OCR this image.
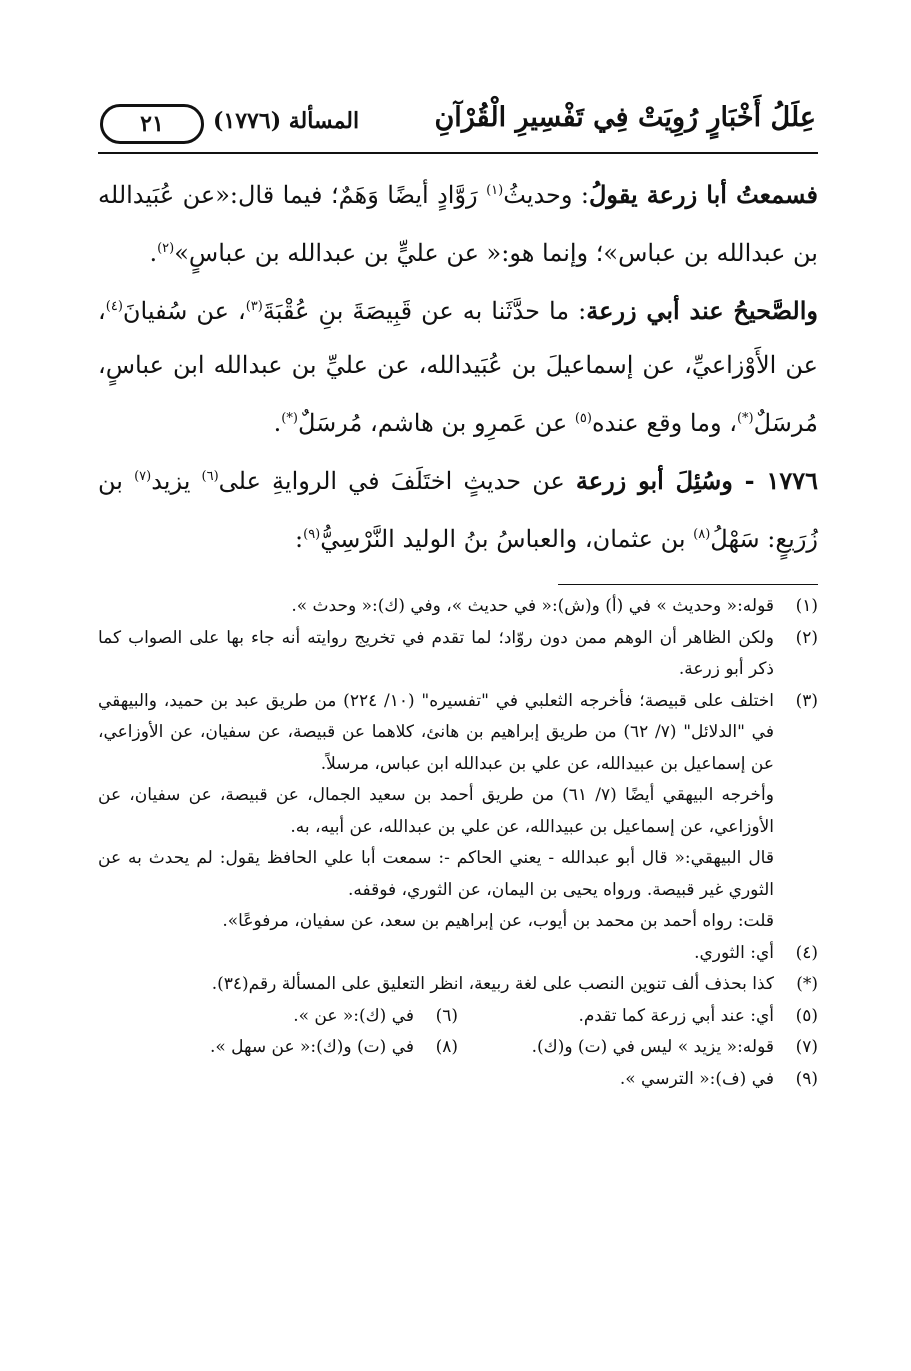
عِلَلُ أَخْبَارٍ رُوِيَتْ فِي تَفْسِيرِ الْقُرْآنِ
المسألة (١٧٧٦)
٢١

فسمعتُ أبا زرعة يقولُ: وحديثُ$^{(١)}$ رَوَّادٍ أيضًا وَهَمٌ؛ فيما قال:«عن عُبَيدالله بن عبدالله بن عباس»؛ وإنما هو:« عن عليٍّ بن عبدالله بن عباسٍ»$^{(٢)}$.

والصَّحيحُ عند أبي زرعة: ما حدَّثَنا به عن قَبِيصَةَ بنِ عُقْبَةَ$^{(٣)}$، عن سُفيانَ$^{(٤)}$، عن الأَوْزاعيِّ، عن إسماعيلَ بن عُبَيدالله، عن عليِّ بن عبدالله ابن عباسٍ، مُرسَلٌ(*)، وما وقع عنده$^{(٥)}$ عن عَمرِو بن هاشم، مُرسَلٌ(*).

١٧٧٦ - وسُئِلَ أبو زرعة عن حديثٍ اختَلَفَ في الروايةِ على$^{(٦)}$ يزيد$^{(٧)}$ بن زُرَيعٍ: سَهْلُ$^{(٨)}$ بن عثمان، والعباسُ بنُ الوليد النَّرْسِيُّ$^{(٩)}$:

(١)
قوله:« وحديث » في (أ) و(ش):« في حديث »، وفي (ك):« وحدث ».
(٢)
ولكن الظاهر أن الوهم ممن دون روّاد؛ لما تقدم في تخريج روايته أنه جاء بها على الصواب كما ذكر أبو زرعة.
(٣)
اختلف على قبيصة؛ فأخرجه الثعلبي في "تفسيره" (١٠/ ٢٢٤) من طريق عبد بن حميد، والبيهقي في "الدلائل" (٧/ ٦٢) من طريق إبراهيم بن هانئ، كلاهما عن قبيصة، عن سفيان، عن الأوزاعي، عن إسماعيل بن عبيدالله، عن علي بن عبدالله ابن عباس، مرسلاً.
وأخرجه البيهقي أيضًا (٧/ ٦١) من طريق أحمد بن سعيد الجمال، عن قبيصة، عن سفيان، عن الأوزاعي، عن إسماعيل بن عبيدالله، عن علي بن عبدالله، عن أبيه، به.
قال البيهقي:« قال أبو عبدالله - يعني الحاكم -: سمعت أبا علي الحافظ يقول: لم يحدث به عن الثوري غير قبيصة. ورواه يحيى بن اليمان، عن الثوري، فوقفه.
قلت: رواه أحمد بن محمد بن أيوب، عن إبراهيم بن سعد، عن سفيان، مرفوعًا».
(٤)
أي: الثوري.
(*)
كذا بحذف ألف تنوين النصب على لغة ربيعة، انظر التعليق على المسألة رقم(٣٤).
(٥)
أي: عند أبي زرعة كما تقدم.
(٦)
في (ك):« عن ».
(٧)
قوله:« يزيد » ليس في (ت) و(ك).
(٨)
في (ت) و(ك):« عن سهل ».
(٩)
في (ف):« الترسي ».
